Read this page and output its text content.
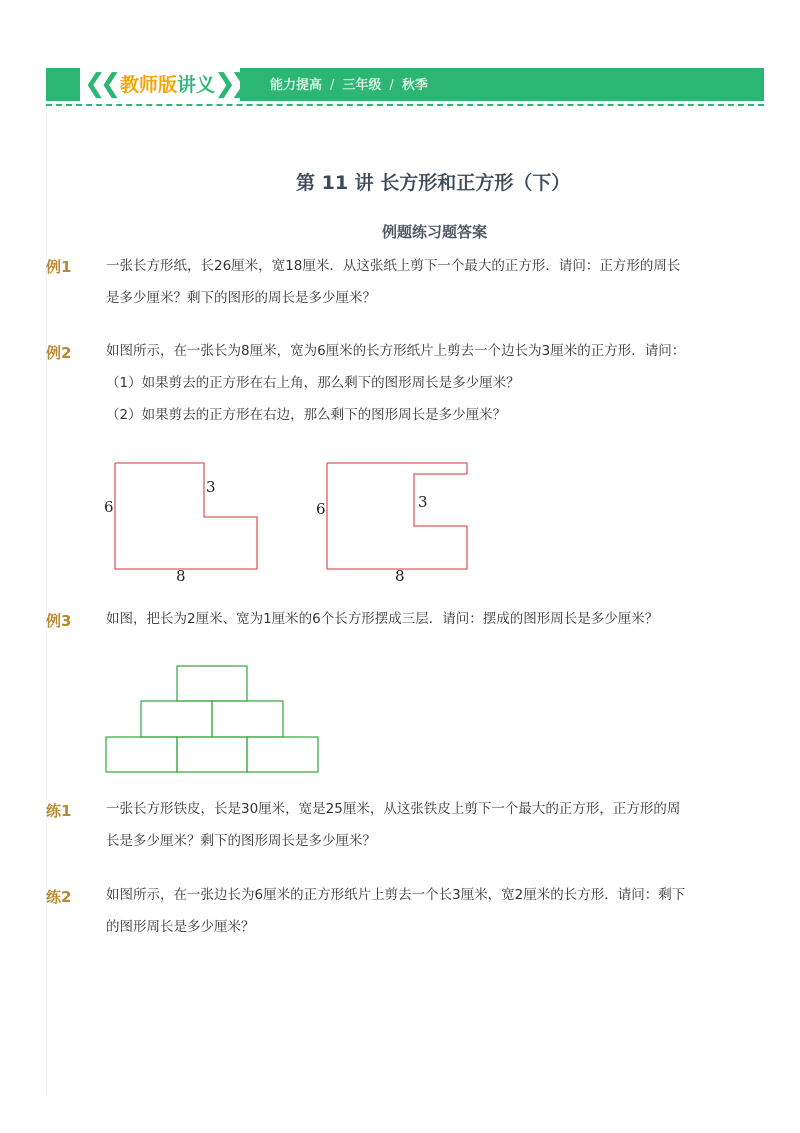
❮❮	❯❯
教师版讲义	能力提高 / 三年级 / 秋季
第 11 讲 长方形和正方形（下）
例题练习题答案
例1	一张长方形纸，长26厘米，宽18厘米．从这张纸上剪下一个最大的正方形．请问：正方形的周长
是多少厘米？剩下的图形的周长是多少厘米？
例2	如图所示，在一张长为8厘米，宽为6厘米的长方形纸片上剪去一个边长为3厘米的正方形．请问：
（1）如果剪去的正方形在右上角，那么剩下的图形周长是多少厘米？
（2）如果剪去的正方形在右边，那么剩下的图形周长是多少厘米？
6
8
3
6
8
3
例3	如图，把长为2厘米、宽为1厘米的6个长方形摆成三层．请问：摆成的图形周长是多少厘米？
练1	一张长方形铁皮，长是30厘米，宽是25厘米，从这张铁皮上剪下一个最大的正方形，正方形的周
长是多少厘米？剩下的图形周长是多少厘米？
练2	如图所示，在一张边长为6厘米的正方形纸片上剪去一个长3厘米，宽2厘米的长方形．请问：剩下
的图形周长是多少厘米？
